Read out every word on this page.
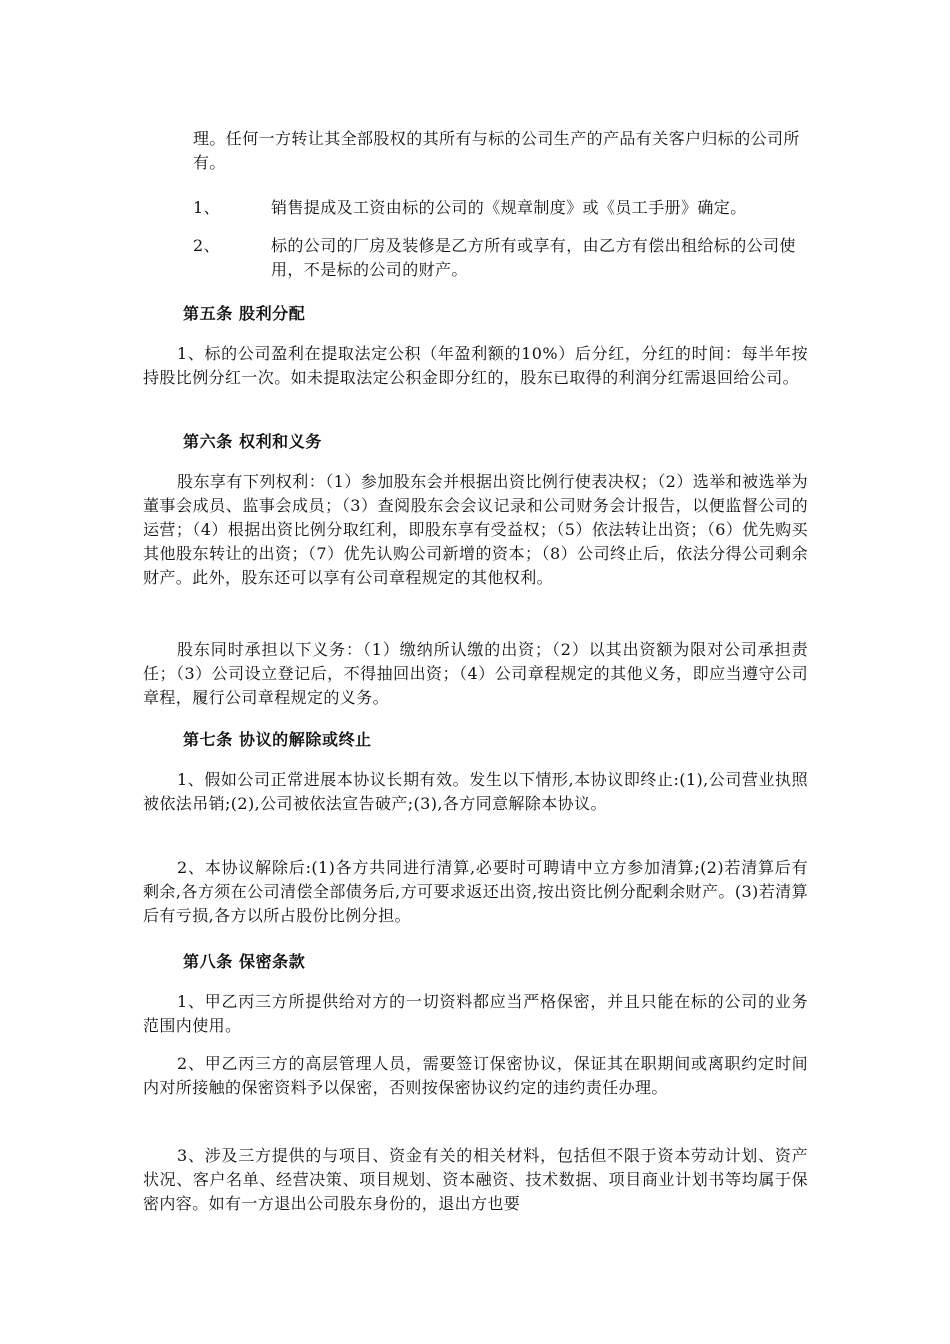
理。任何一方转让其全部股权的其所有与标的公司生产的产品有关客户归标的公司所有。
1、	销售提成及工资由标的公司的《规章制度》或《员工手册》确定。
2、	标的公司的厂房及装修是乙方所有或享有，由乙方有偿出租给标的公司使用，不是标的公司的财产。
第五条 股利分配
1、标的公司盈利在提取法定公积（年盈利额的10%）后分红，分红的时间：每半年按持股比例分红一次。如未提取法定公积金即分红的，股东已取得的利润分红需退回给公司。
第六条 权利和义务
股东享有下列权利：（1）参加股东会并根据出资比例行使表决权；（2）选举和被选举为董事会成员、监事会成员；（3）查阅股东会会议记录和公司财务会计报告，以便监督公司的运营；（4）根据出资比例分取红利，即股东享有受益权；（5）依法转让出资；（6）优先购买其他股东转让的出资；（7）优先认购公司新增的资本；（8）公司终止后，依法分得公司剩余财产。此外，股东还可以享有公司章程规定的其他权利。
股东同时承担以下义务：（1）缴纳所认缴的出资；（2）以其出资额为限对公司承担责任；（3）公司设立登记后，不得抽回出资；（4）公司章程规定的其他义务，即应当遵守公司章程，履行公司章程规定的义务。
第七条 协议的解除或终止
1、假如公司正常进展本协议长期有效。发生以下情形,本协议即终止:(1),公司营业执照被依法吊销;(2),公司被依法宣告破产;(3),各方同意解除本协议。
2、本协议解除后:(1)各方共同进行清算,必要时可聘请中立方参加清算;(2)若清算后有剩余,各方须在公司清偿全部债务后,方可要求返还出资,按出资比例分配剩余财产。(3)若清算后有亏损,各方以所占股份比例分担。
第八条 保密条款
1、甲乙丙三方所提供给对方的一切资料都应当严格保密，并且只能在标的公司的业务范围内使用。
2、甲乙丙三方的高层管理人员，需要签订保密协议，保证其在职期间或离职约定时间内对所接触的保密资料予以保密，否则按保密协议约定的违约责任办理。
3、涉及三方提供的与项目、资金有关的相关材料，包括但不限于资本劳动计划、资产状况、客户名单、经营决策、项目规划、资本融资、技术数据、项目商业计划书等均属于保密内容。如有一方退出公司股东身份的，退出方也要
